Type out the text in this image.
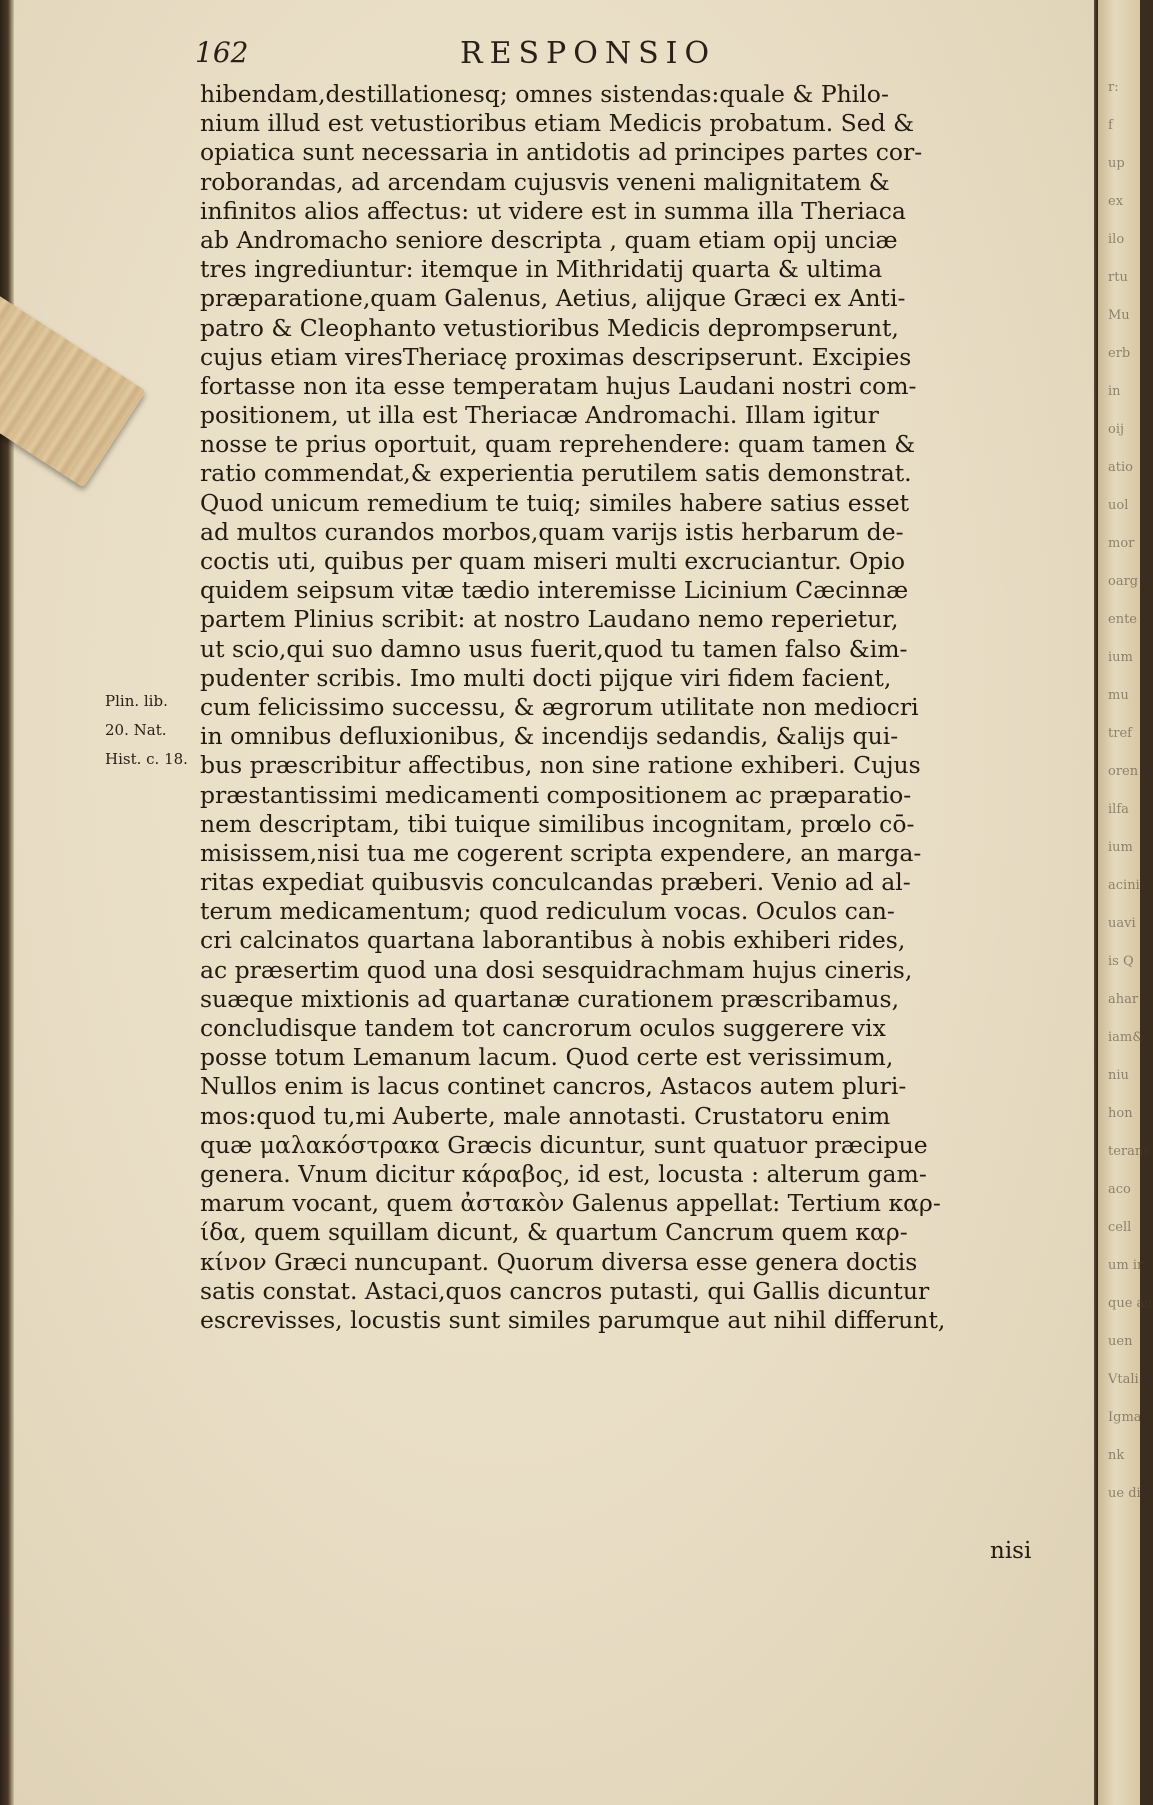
r:
f
up
ex
ilo
rtu
Mu
erb
in
oij
atio
uol
mor
oarg
ente
ium
mu
tref
oren
ilfa
ium
acini
uavi
is Q
ahar
iam&
niu
hon
terans
aco
cell
um ir
que au
uen
Vtali
Igma
nk
ue di
162	RESPONSIO
Plin. lib.
20. Nat.
Hist. c. 18.
hibendam,destillationesq; omnes sistendas:quale & Philo-
nium illud est vetustioribus etiam Medicis probatum. Sed &
opiatica sunt necessaria in antidotis ad principes partes cor-
roborandas, ad arcendam cujusvis veneni malignitatem &
infinitos alios affectus: ut videre est in summa illa Theriaca
ab Andromacho seniore descripta , quam etiam opij unciæ
tres ingrediuntur: itemque in Mithridatij quarta & ultima
præparatione,quam Galenus, Aetius, alijque Græci ex Anti-
patro & Cleophanto vetustioribus Medicis deprompserunt,
cujus etiam viresTheriacę proximas descripserunt. Excipies
fortasse non ita esse temperatam hujus Laudani nostri com-
positionem, ut illa est Theriacæ Andromachi. Illam igitur
nosse te prius oportuit, quam reprehendere: quam tamen &
ratio commendat,& experientia perutilem satis demonstrat.
Quod unicum remedium te tuiq; similes habere satius esset
ad multos curandos morbos,quam varijs istis herbarum de-
coctis uti, quibus per quam miseri multi excruciantur. Opio
quidem seipsum vitæ tædio interemisse Licinium Cæcinnæ
partem Plinius scribit: at nostro Laudano nemo reperietur,
ut scio,qui suo damno usus fuerit,quod tu tamen falso &im-
pudenter scribis. Imo multi docti pijque viri fidem facient,
cum felicissimo successu, & ægrorum utilitate non mediocri
in omnibus defluxionibus, & incendijs sedandis, &alijs qui-
bus præscribitur affectibus, non sine ratione exhiberi. Cujus
præstantissimi medicamenti compositionem ac præparatio-
nem descriptam, tibi tuique similibus incognitam, prœlo cō-
misissem,nisi tua me cogerent scripta expendere, an marga-
ritas expediat quibusvis conculcandas præberi. Venio ad al-
terum medicamentum; quod rediculum vocas. Oculos can-
cri calcinatos quartana laborantibus à nobis exhiberi rides,
ac præsertim quod una dosi sesquidrachmam hujus cineris,
suæque mixtionis ad quartanæ curationem præscribamus,
concludisque tandem tot cancrorum oculos suggerere vix
posse totum Lemanum lacum. Quod certe est verissimum,
Nullos enim is lacus continet cancros, Astacos autem pluri-
mos:quod tu,mi Auberte, male annotasti. Crustatoru enim
quæ μαλακόστρακα Græcis dicuntur, sunt quatuor præcipue
genera. Vnum dicitur κάραβος, id est, locusta : alterum gam-
marum vocant, quem ἀστακὸν Galenus appellat: Tertium καρ-
ίδα, quem squillam dicunt, & quartum Cancrum quem καρ-
κίνον Græci nuncupant. Quorum diversa esse genera doctis
satis constat. Astaci,quos cancros putasti, qui Gallis dicuntur
escrevisses, locustis sunt similes parumque aut nihil differunt,
nisi
